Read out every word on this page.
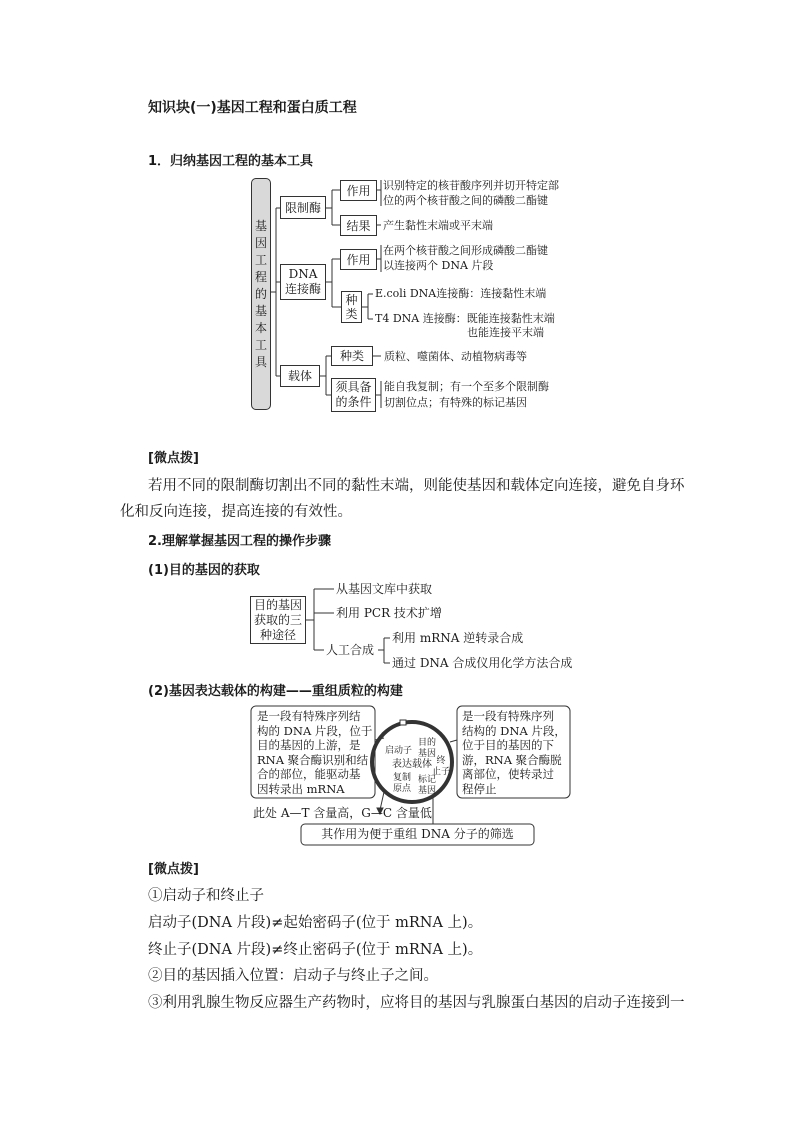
知识块(一)基因工程和蛋白质工程
1．归纳基因工程的基本工具
基因工程的基本工具
限制酶
作用	识别特定的核苷酸序列并切开特定部
位的两个核苷酸之间的磷酸二酯键
结果	产生黏性末端或平末端
DNA
连接酶
作用
在两个核苷酸之间形成磷酸二酯键
以连接两个 DNA 片段
种类
E.coli DNA连接酶：连接黏性末端
T4 DNA 连接酶：既能连接黏性末端
也能连接平末端
载体
种类	质粒、噬菌体、动植物病毒等
须具备
的条件
能自我复制；有一个至多个限制酶
切割位点；有特殊的标记基因
[微点拨]
若用不同的限制酶切割出不同的黏性末端，则能使基因和载体定向连接，避免自身环
化和反向连接，提高连接的有效性。
2.理解掌握基因工程的操作步骤
(1)目的基因的获取
目的基因
获取的三
种途径
从基因文库中获取
利用 PCR 技术扩增
人工合成
利用 mRNA 逆转录合成
通过 DNA 合成仪用化学方法合成
(2)基因表达载体的构建——重组质粒的构建
是一段有特殊序列结
构的 DNA 片段，位于
目的基因的上游，是
RNA 聚合酶识别和结
合的部位，能驱动基
因转录出 mRNA
是一段有特殊序列
结构的 DNA 片段，
位于目的基因的下
游，RNA 聚合酶脱
离部位，使转录过
程停止
启动子
目的
基因
表达载体 终
止子
复制
原点
标记
基因
此处 A—T 含量高，G—C 含量低
其作用为便于重组 DNA 分子的筛选
[微点拨]
①启动子和终止子
启动子(DNA 片段)≠起始密码子(位于 mRNA 上)。
终止子(DNA 片段)≠终止密码子(位于 mRNA 上)。
②目的基因插入位置：启动子与终止子之间。
③利用乳腺生物反应器生产药物时，应将目的基因与乳腺蛋白基因的启动子连接到一
